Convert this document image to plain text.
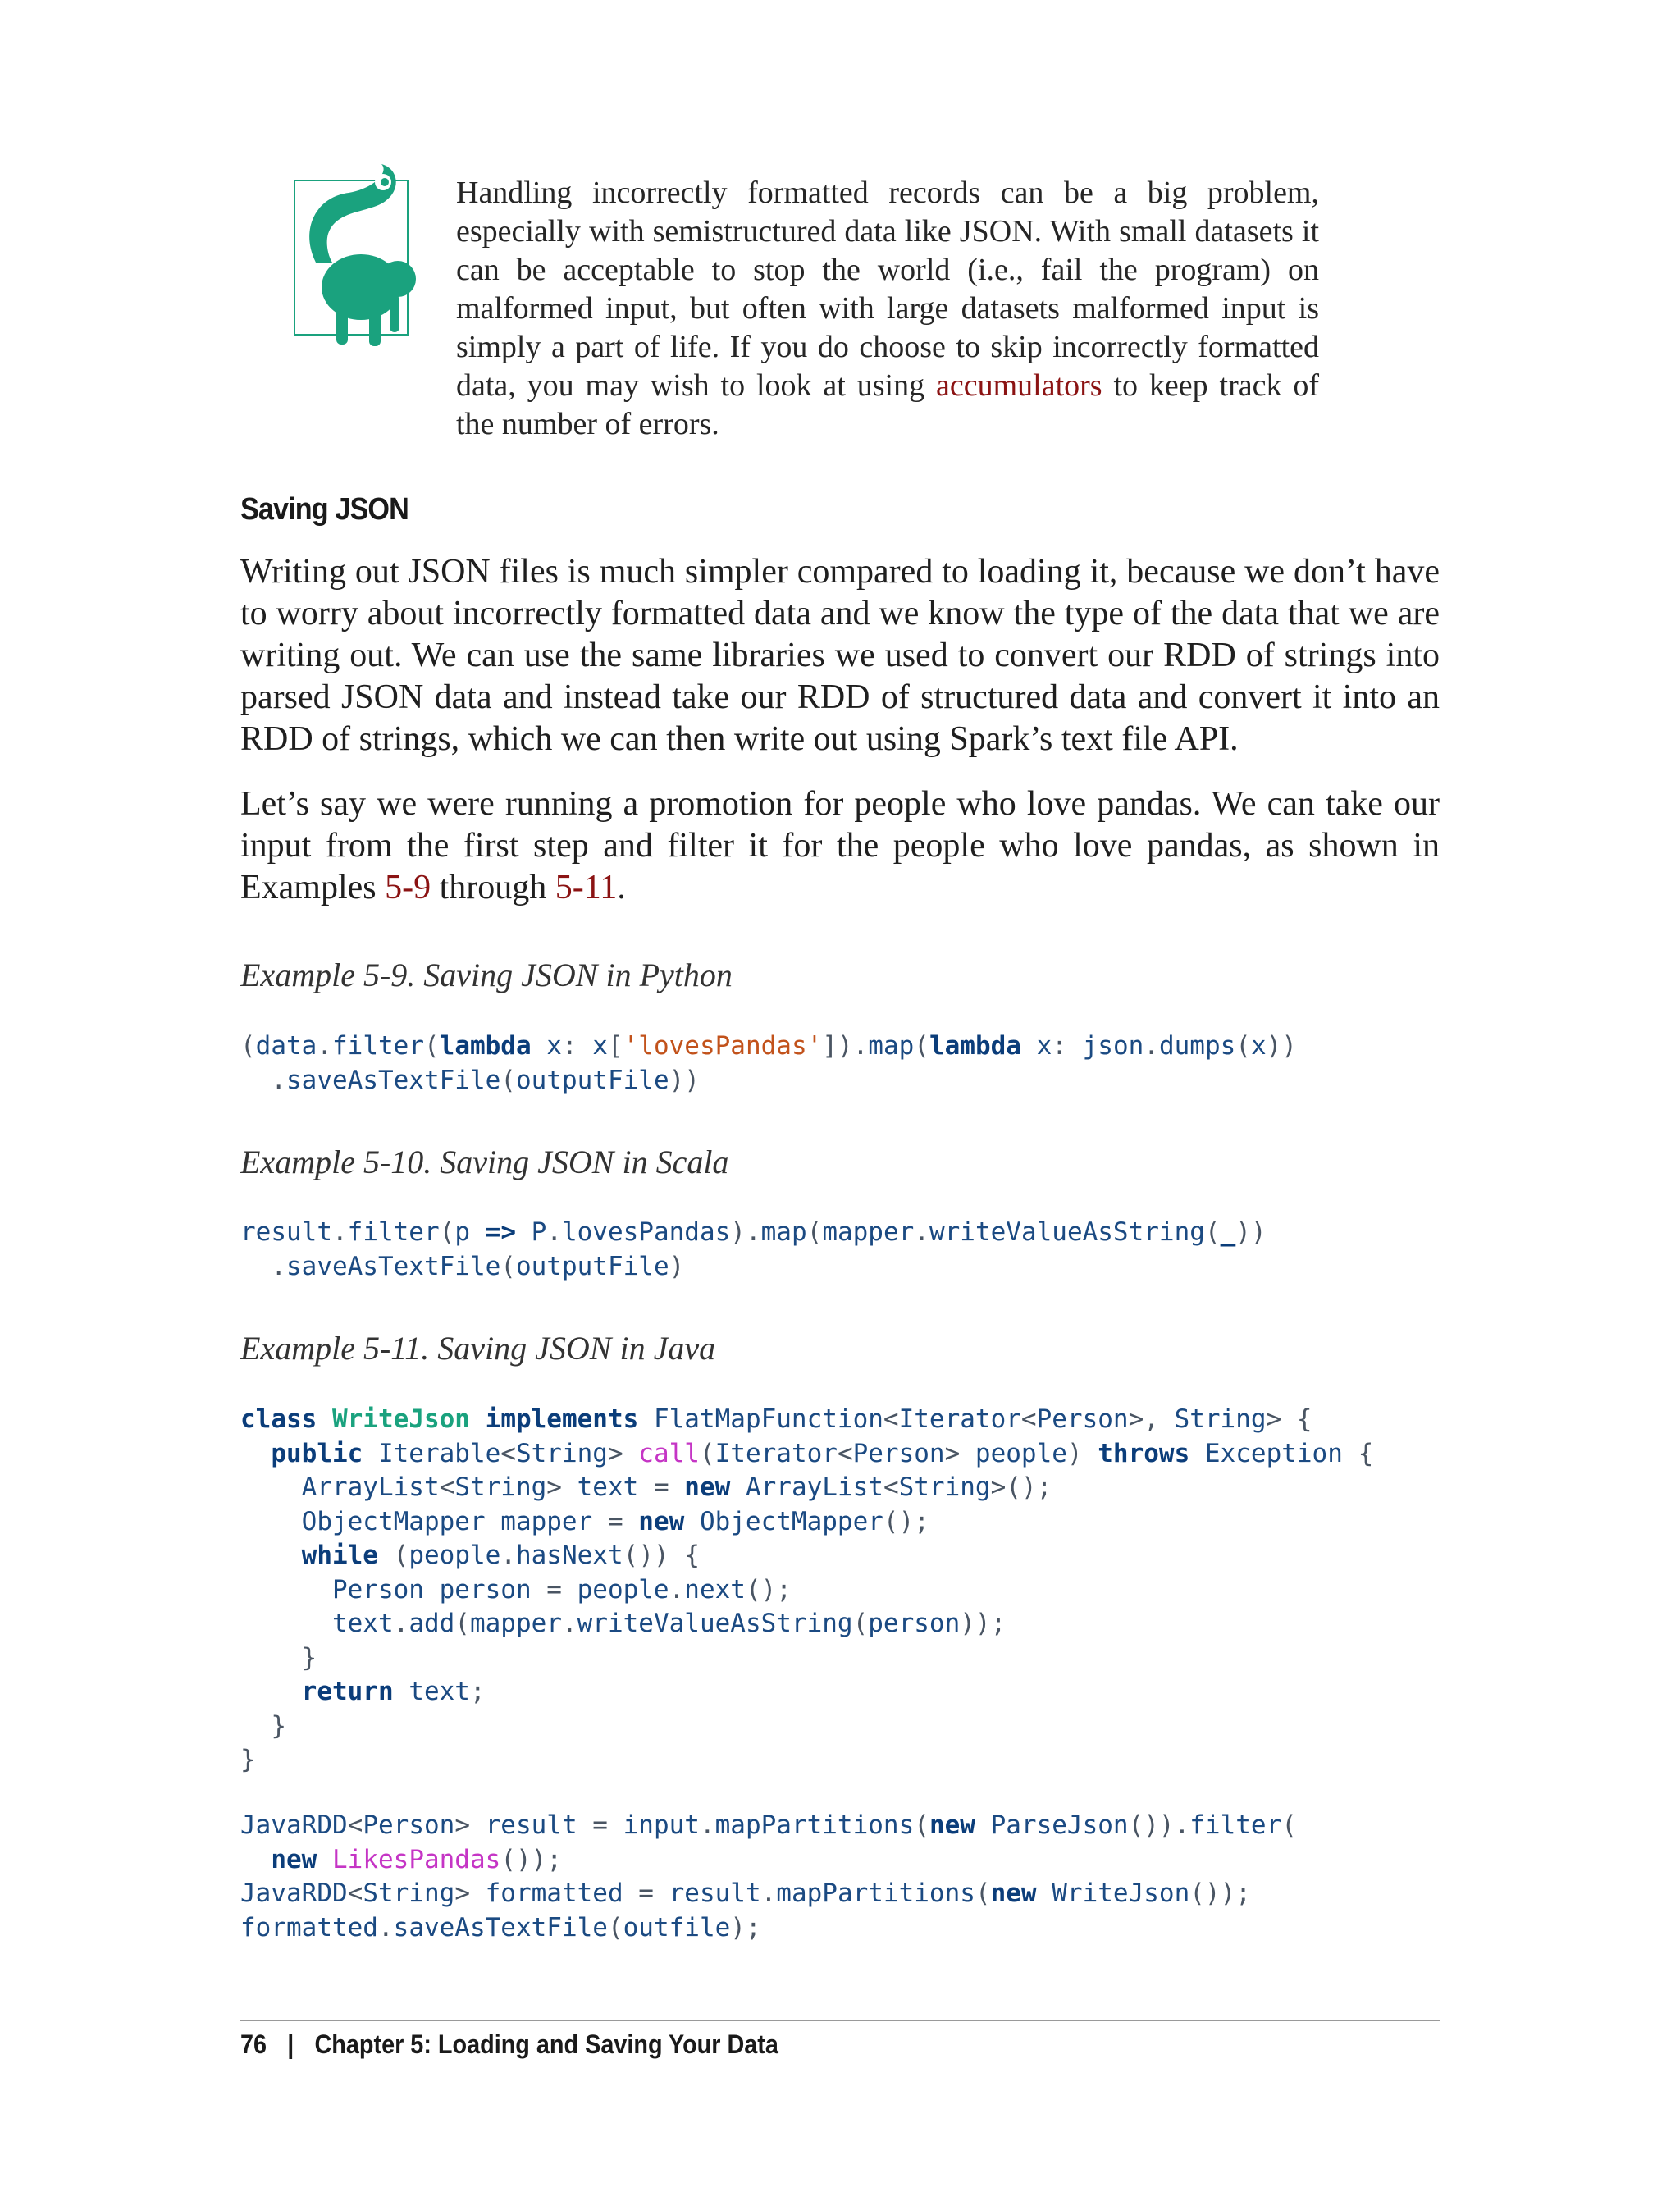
Handling incorrectly formatted records can be a big problem, especially with semistructured data like JSON. With small datasets it can be acceptable to stop the world (i.e., fail the program) on malformed input, but often with large datasets malformed input is simply a part of life. If you do choose to skip incorrectly formatted data, you may wish to look at using accumulators to keep track of the number of errors.
Saving JSON
Writing out JSON files is much simpler compared to loading it, because we don’t have to worry about incorrectly formatted data and we know the type of the data that we are writing out. We can use the same libraries we used to convert our RDD of strings into parsed JSON data and instead take our RDD of structured data and convert it into an RDD of strings, which we can then write out using Spark’s text file API.
Let’s say we were running a promotion for people who love pandas. We can take our input from the first step and filter it for the people who love pandas, as shown in Examples 5-9 through 5-11.
Example 5-9. Saving JSON in Python
(data.filter(lambda x: x['lovesPandas']).map(lambda x: json.dumps(x))
.saveAsTextFile(outputFile))
Example 5-10. Saving JSON in Scala
result.filter(p => P.lovesPandas).map(mapper.writeValueAsString(_))
.saveAsTextFile(outputFile)
Example 5-11. Saving JSON in Java
class WriteJson implements FlatMapFunction<Iterator<Person>, String> {
public Iterable<String> call(Iterator<Person> people) throws Exception {
ArrayList<String> text = new ArrayList<String>();
ObjectMapper mapper = new ObjectMapper();
while (people.hasNext()) {
Person person = people.next();
text.add(mapper.writeValueAsString(person));
}
return text;
}
}
JavaRDD<Person> result = input.mapPartitions(new ParseJson()).filter(
new LikesPandas());
JavaRDD<String> formatted = result.mapPartitions(new WriteJson());
formatted.saveAsTextFile(outfile);
76 | Chapter 5: Loading and Saving Your Data
